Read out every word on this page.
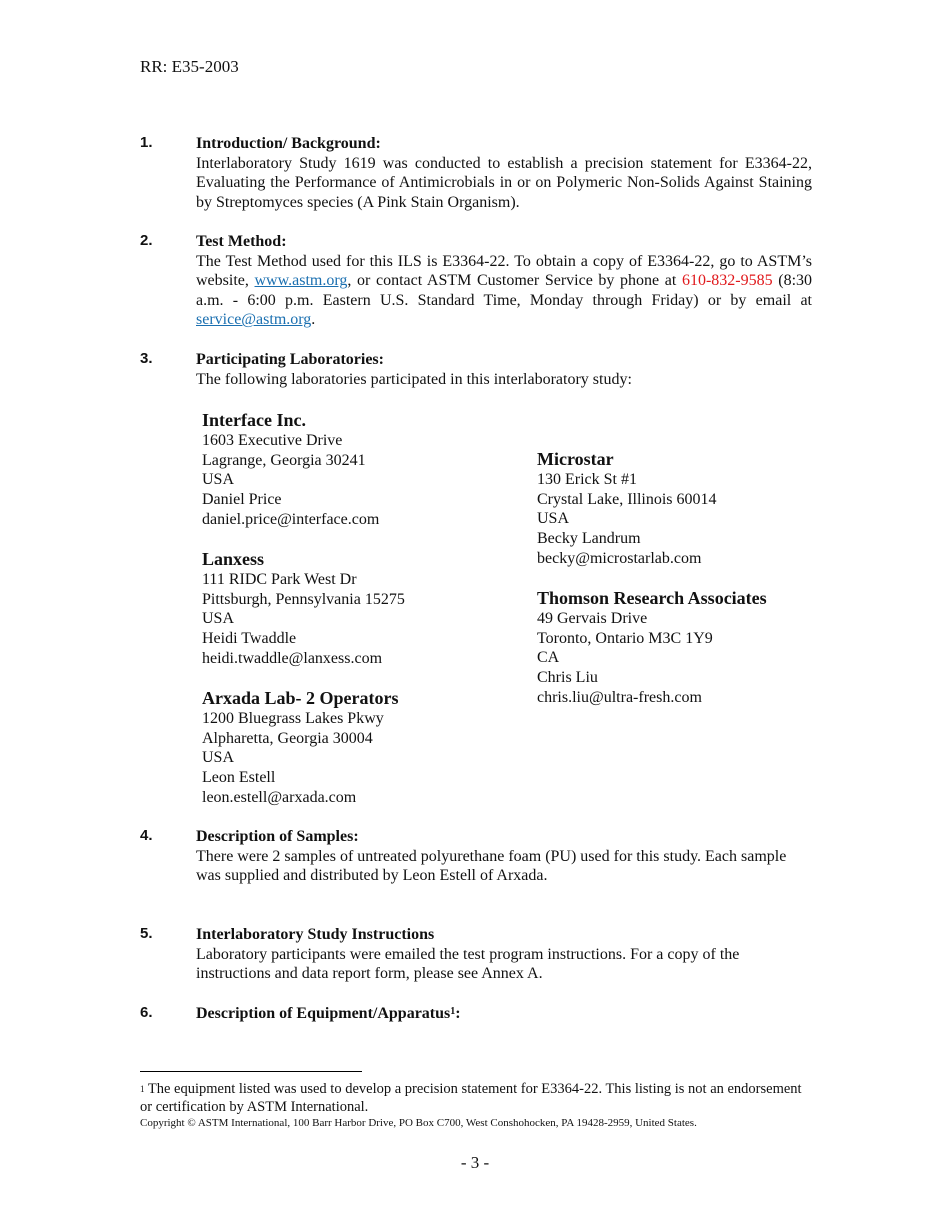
RR: E35-2003
1.	Introduction/ Background:
Interlaboratory Study 1619 was conducted to establish a precision statement for E3364-22, Evaluating the Performance of Antimicrobials in or on Polymeric Non-Solids Against Staining by Streptomyces species (A Pink Stain Organism).
2.	Test Method:
The Test Method used for this ILS is E3364-22. To obtain a copy of E3364-22, go to ASTM’s website, www.astm.org, or contact ASTM Customer Service by phone at 610-832-9585 (8:30 a.m. - 6:00 p.m. Eastern U.S. Standard Time, Monday through Friday) or by email at service@astm.org.
3.	Participating Laboratories:
The following laboratories participated in this interlaboratory study:
Interface Inc.
1603 Executive Drive
Lagrange, Georgia 30241
USA
Daniel Price
daniel.price@interface.com
Lanxess
111 RIDC Park West Dr
Pittsburgh, Pennsylvania 15275
USA
Heidi Twaddle
heidi.twaddle@lanxess.com
Arxada Lab- 2 Operators
1200 Bluegrass Lakes Pkwy
Alpharetta, Georgia 30004
USA
Leon Estell
leon.estell@arxada.com
Microstar
130 Erick St #1
Crystal Lake, Illinois 60014
USA
Becky Landrum
becky@microstarlab.com
Thomson Research Associates
49 Gervais Drive
Toronto, Ontario M3C 1Y9
CA
Chris Liu
chris.liu@ultra-fresh.com
4.	Description of Samples:
There were 2 samples of untreated polyurethane foam (PU) used for this study. Each sample was supplied and distributed by Leon Estell of Arxada.
5.	Interlaboratory Study Instructions
Laboratory participants were emailed the test program instructions. For a copy of the instructions and data report form, please see Annex A.
6.	Description of Equipment/Apparatus$^1$:
$^1$ The equipment listed was used to develop a precision statement for E3364-22. This listing is not an endorsement or certification by ASTM International.
Copyright © ASTM International, 100 Barr Harbor Drive, PO Box C700, West Conshohocken, PA 19428-2959, United States.
- 3 -
